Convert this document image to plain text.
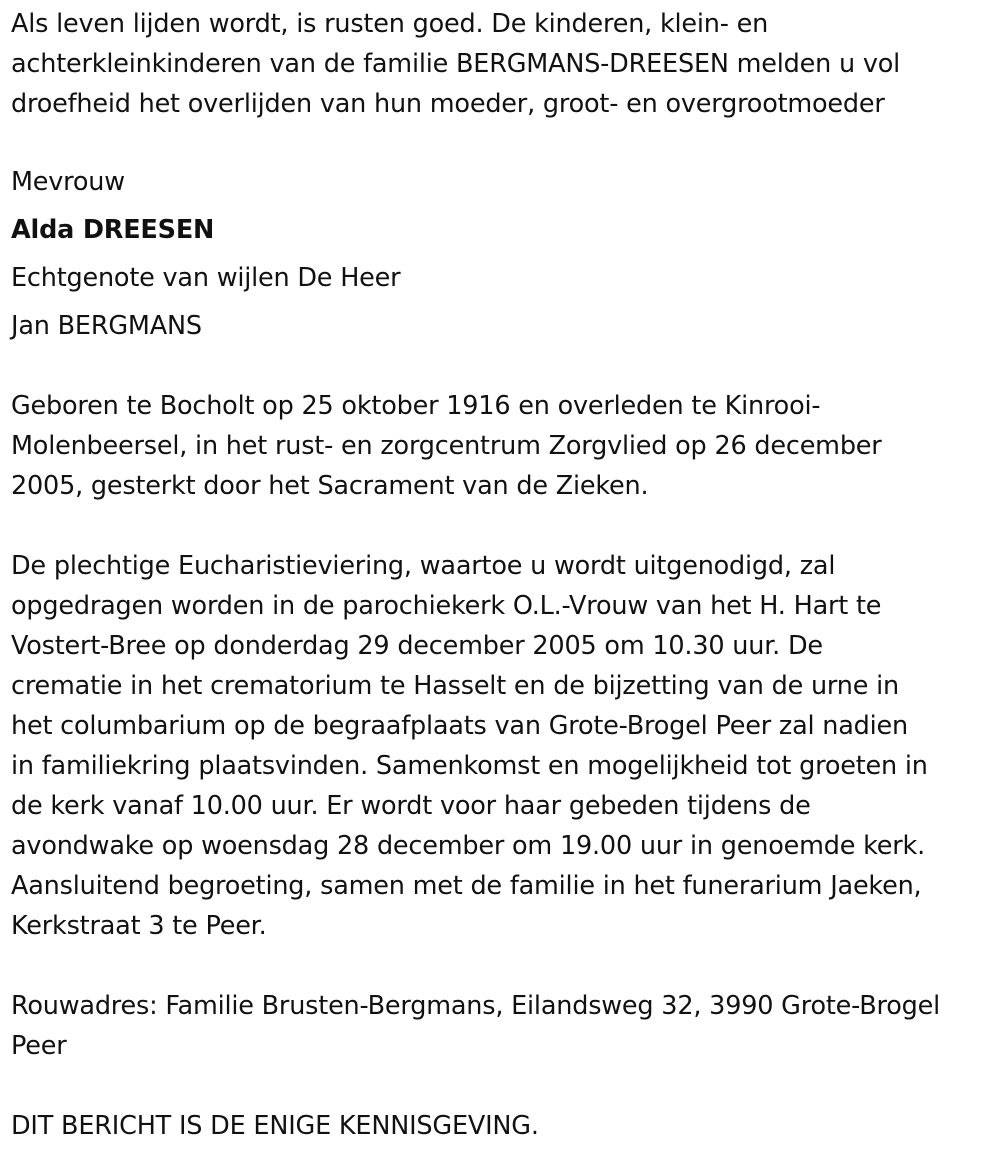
Als leven lijden wordt, is rusten goed. De kinderen, klein- en
achterkleinkinderen van de familie BERGMANS-DREESEN melden u vol
droefheid het overlijden van hun moeder, groot- en overgrootmoeder

Mevrouw
Alda DREESEN
Echtgenote van wijlen De Heer
Jan BERGMANS

Geboren te Bocholt op 25 oktober 1916 en overleden te Kinrooi-
Molenbeersel, in het rust- en zorgcentrum Zorgvlied op 26 december
2005, gesterkt door het Sacrament van de Zieken.

De plechtige Eucharistieviering, waartoe u wordt uitgenodigd, zal
opgedragen worden in de parochiekerk O.L.-Vrouw van het H. Hart te
Vostert-Bree op donderdag 29 december 2005 om 10.30 uur. De
crematie in het crematorium te Hasselt en de bijzetting van de urne in
het columbarium op de begraafplaats van Grote-Brogel Peer zal nadien
in familiekring plaatsvinden. Samenkomst en mogelijkheid tot groeten in
de kerk vanaf 10.00 uur. Er wordt voor haar gebeden tijdens de
avondwake op woensdag 28 december om 19.00 uur in genoemde kerk.
Aansluitend begroeting, samen met de familie in het funerarium Jaeken,
Kerkstraat 3 te Peer.

Rouwadres: Familie Brusten-Bergmans, Eilandsweg 32, 3990 Grote-Brogel
Peer

DIT BERICHT IS DE ENIGE KENNISGEVING.
